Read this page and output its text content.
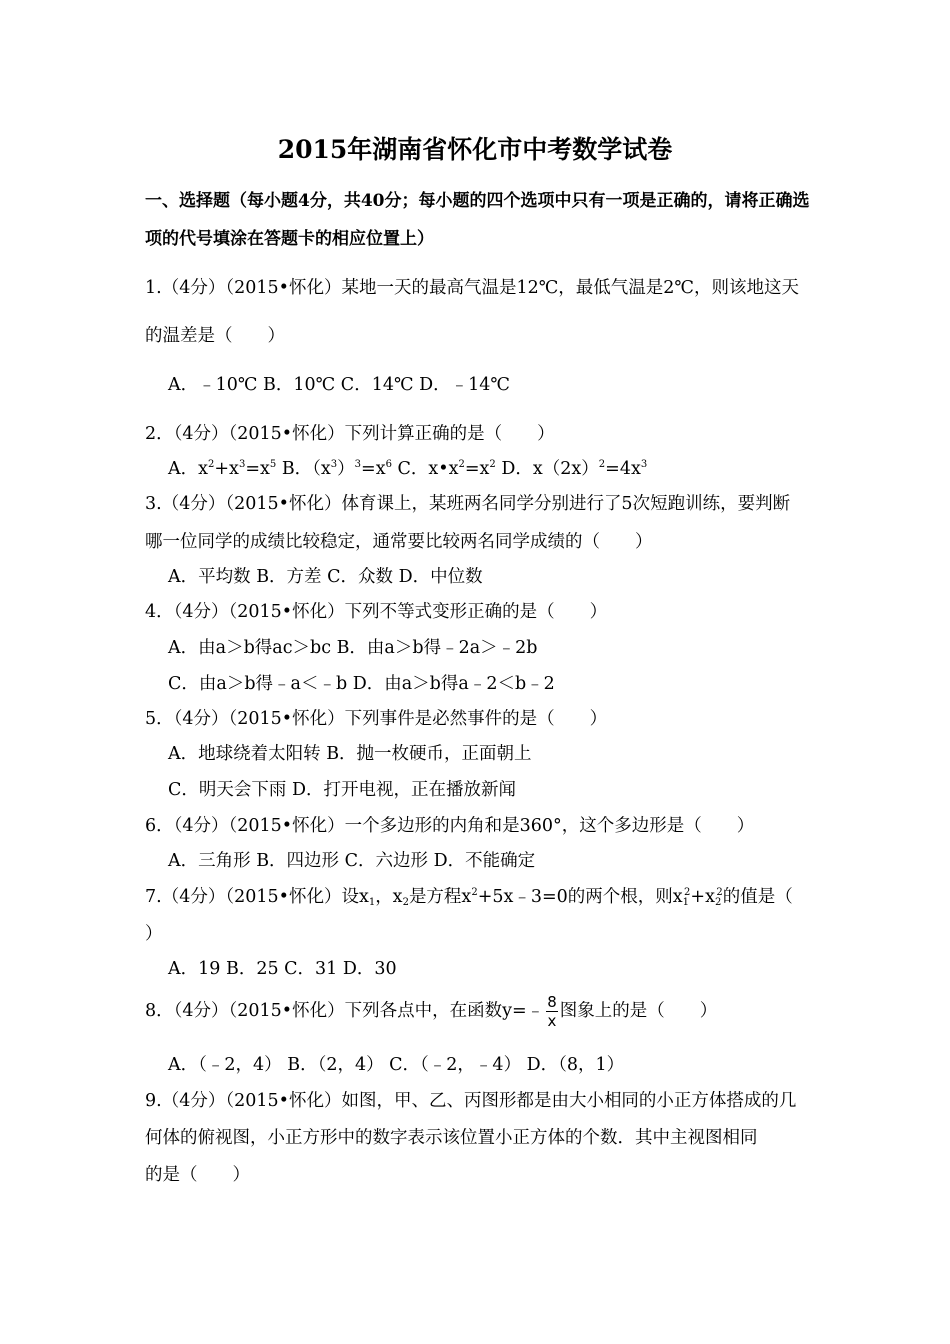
2015年湖南省怀化市中考数学试卷
一、选择题（每小题4分，共40分；每小题的四个选项中只有一项是正确的，请将正确选项的代号填涂在答题卡的相应位置上）
1.（4分）（2015•怀化）某地一天的最高气温是12℃，最低气温是2℃，则该地这天
的温差是（　　）
A．﹣10℃ B．10℃ C．14℃ D．﹣14℃
2．（4分）（2015•怀化）下列计算正确的是（　　）
A．$x^2+x^3=x^5$ B．$(x^3)^3=x^6$ C．$x•x^2=x^2$ D．$x(2x)^2=4x^3$
3.（4分）（2015•怀化）体育课上，某班两名同学分别进行了5次短跑训练，要判断
哪一位同学的成绩比较稳定，通常要比较两名同学成绩的（　　）
A．平均数 B．方差 C．众数 D．中位数
4．（4分）（2015•怀化）下列不等式变形正确的是（　　）
A．由a＞b得ac＞bc B．由a＞b得﹣2a＞﹣2b
C．由a＞b得﹣a＜﹣b D．由a＞b得a﹣2＜b﹣2
5．（4分）（2015•怀化）下列事件是必然事件的是（　　）
A．地球绕着太阳转 B．抛一枚硬币，正面朝上
C．明天会下雨 D．打开电视，正在播放新闻
6．（4分）（2015•怀化）一个多边形的内角和是360°，这个多边形是（　　）
A．三角形 B．四边形 C．六边形 D．不能确定
7.（4分）（2015•怀化）设$x_1$，$x_2$是方程$x^2+5x﹣3=0$的两个根，则$x_1^2+x_2^2$的值是（
）
A．19 B．25 C．31 D．30
8．（4分）（2015•怀化）下列各点中，在函数y=﹣ $\frac{8}{x}$ 图象上的是（　　）
A．（﹣2，4） B．（2，4） C．（﹣2，﹣4） D．（8，1）
9.（4分）（2015•怀化）如图，甲、乙、丙图形都是由大小相同的小正方体搭成的几
何体的俯视图，小正方形中的数字表示该位置小正方体的个数．其中主视图相同
的是（　　）
